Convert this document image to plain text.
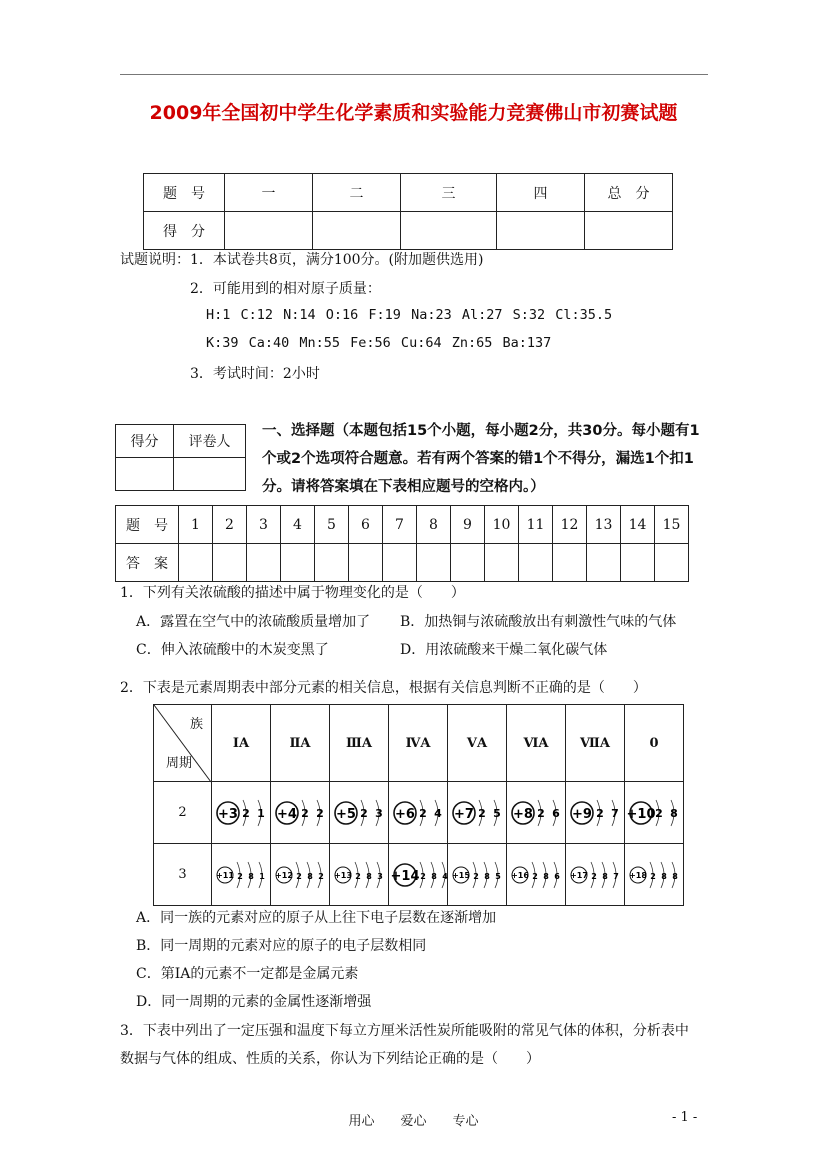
2009年全国初中学生化学素质和实验能力竞赛佛山市初赛试题
题　号	一	二	三	四	总　分
得　分					
试题说明：1．本试卷共8页，满分100分。(附加题供选用)
2．可能用到的相对原子质量：
H:1 C:12 N:14 O:16 F:19 Na:23 Al:27 S:32 Cl:35.5
K:39 Ca:40 Mn:55 Fe:56 Cu:64 Zn:65 Ba:137
3．考试时间：2小时
得分	评卷人

一、选择题（本题包括15个小题，每小题2分，共30分。每小题有1个或2个选项符合题意。若有两个答案的错1个不得分，漏选1个扣1分。请将答案填在下表相应题号的空格内。）
题　号	1	2	3	4	5	6	7	8	9	10	11	12	13	14	15
答　案															
1．下列有关浓硫酸的描述中属于物理变化的是（　　）
A．露置在空气中的浓硫酸质量增加了 B．加热铜与浓硫酸放出有刺激性气味的气体
C．伸入浓硫酸中的木炭变黑了	D．用浓硫酸来干燥二氧化碳气体
2．下表是元素周期表中部分元素的相关信息，根据有关信息判断不正确的是（　　）
族
周期	ⅠA	ⅡA	ⅢA	ⅣA	ⅤA	ⅥA	ⅦA	0
2	+3 2 1	+4 2 2	+5 2 3	+6 2 4	+7 2 5	+8 2 6	+9 2 7	+10 2 8

3	+11 2 8 1	+12 2 8 2	+13 2 8 3	+14 2 8 4	+15 2 8 5	+16 2 8 6	+17 2 8 7	+18 2 8 8
A．同一族的元素对应的原子从上往下电子层数在逐渐增加
B．同一周期的元素对应的原子的电子层数相同
C．第ⅠA的元素不一定都是金属元素
D．同一周期的元素的金属性逐渐增强
3．下表中列出了一定压强和温度下每立方厘米活性炭所能吸附的常见气体的体积，分析表中
数据与气体的组成、性质的关系，你认为下列结论正确的是（　　）
用心　　爱心　　专心	- 1 -
